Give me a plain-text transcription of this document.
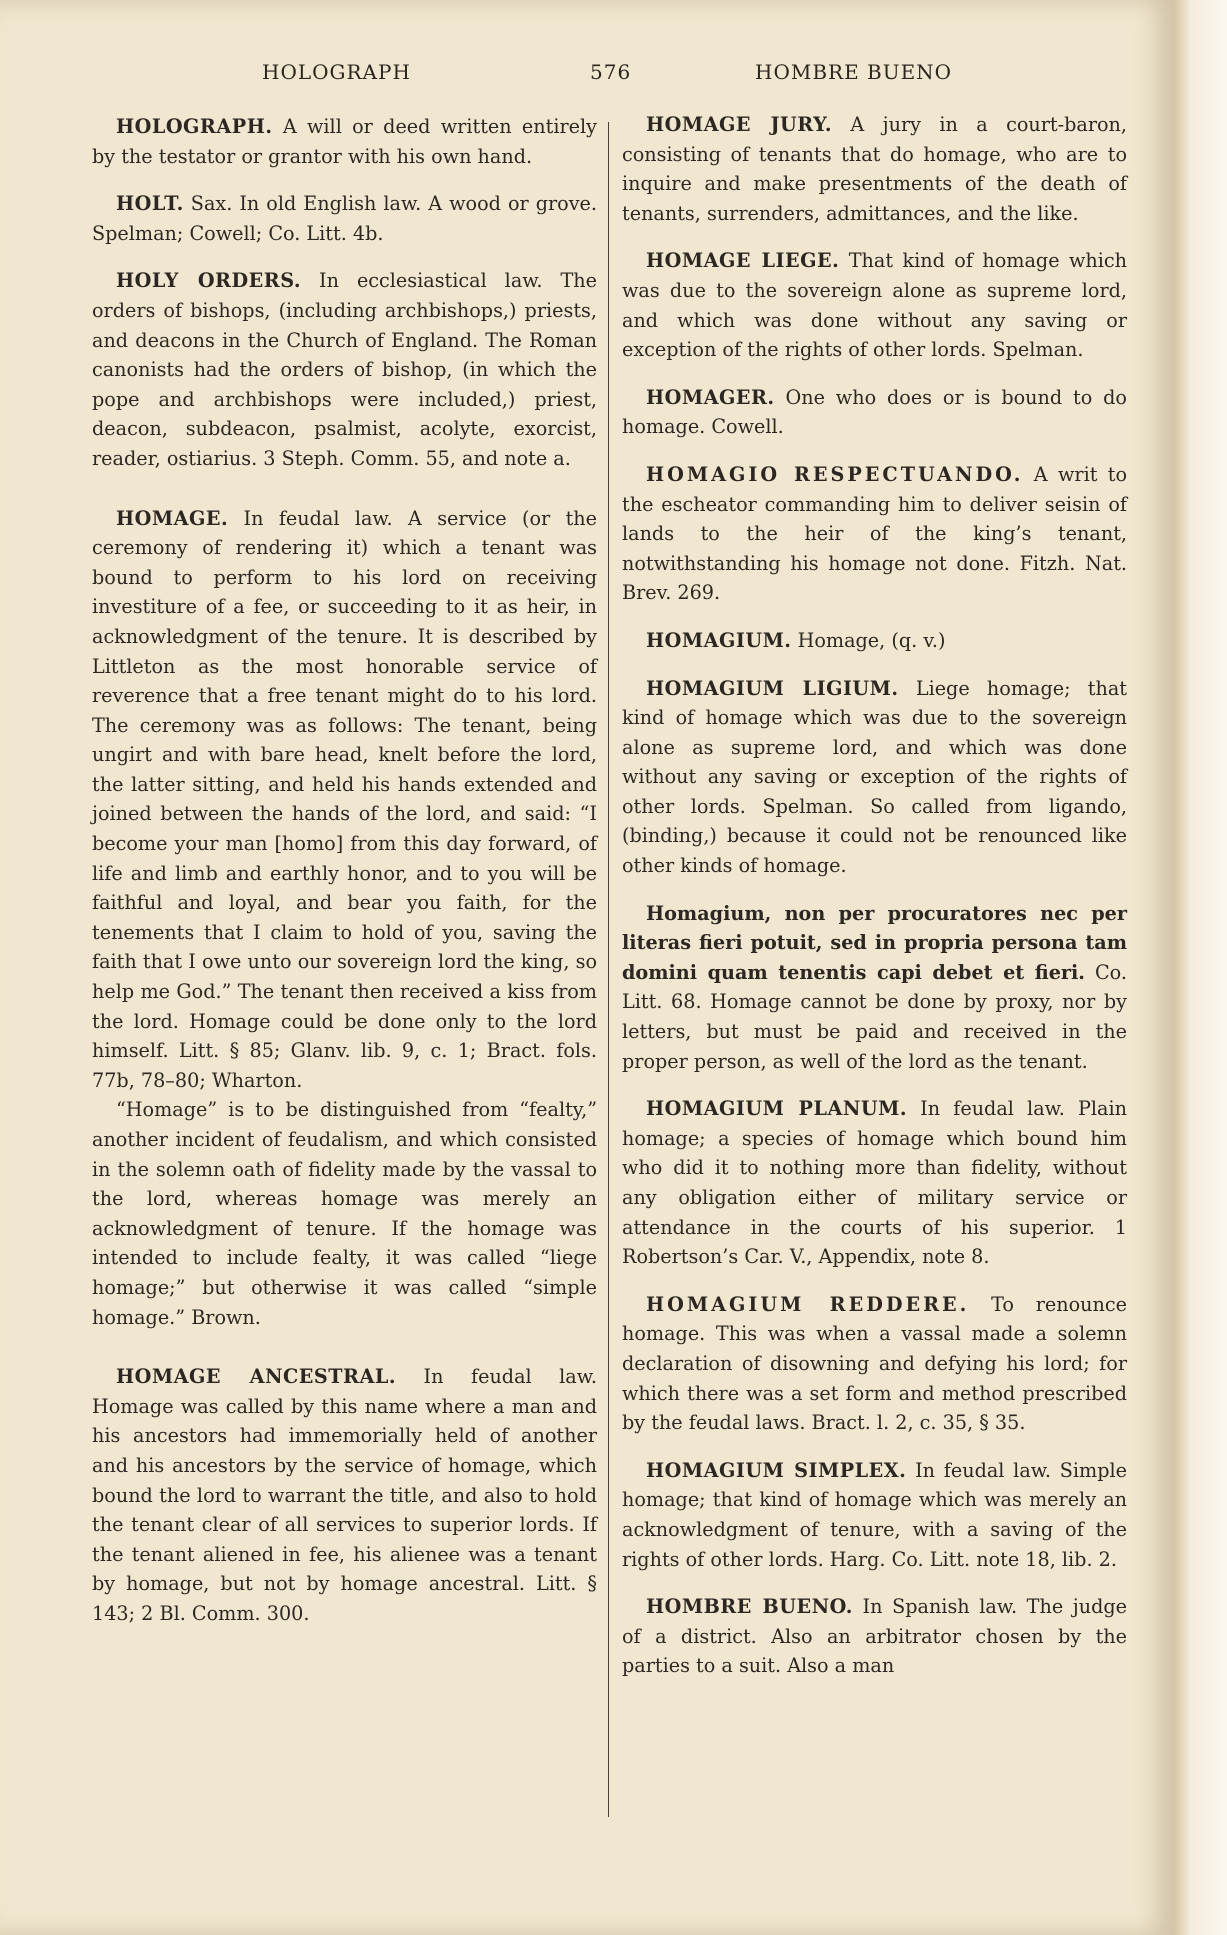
HOLOGRAPH	576	HOMBRE BUENO

HOLOGRAPH. A will or deed written entirely by the testator or grantor with his own hand.

HOLT. Sax. In old English law. A wood or grove. Spelman; Cowell; Co. Litt. 4b.

HOLY ORDERS. In ecclesiastical law. The orders of bishops, (including archbishops,) priests, and deacons in the Church of England. The Roman canonists had the orders of bishop, (in which the pope and archbishops were included,) priest, deacon, subdeacon, psalmist, acolyte, exorcist, reader, ostiarius. 3 Steph. Comm. 55, and note a.

HOMAGE. In feudal law. A service (or the ceremony of rendering it) which a tenant was bound to perform to his lord on receiving investiture of a fee, or succeeding to it as heir, in acknowledgment of the tenure. It is described by Littleton as the most honorable service of reverence that a free tenant might do to his lord. The ceremony was as follows: The tenant, being ungirt and with bare head, knelt before the lord, the latter sitting, and held his hands extended and joined between the hands of the lord, and said: “I become your man [homo] from this day forward, of life and limb and earthly honor, and to you will be faithful and loyal, and bear you faith, for the tenements that I claim to hold of you, saving the faith that I owe unto our sovereign lord the king, so help me God.” The tenant then received a kiss from the lord. Homage could be done only to the lord himself. Litt. § 85; Glanv. lib. 9, c. 1; Bract. fols. 77b, 78–80; Wharton.

“Homage” is to be distinguished from “fealty,” another incident of feudalism, and which consisted in the solemn oath of fidelity made by the vassal to the lord, whereas homage was merely an acknowledgment of tenure. If the homage was intended to include fealty, it was called “liege homage;” but otherwise it was called “simple homage.” Brown.

HOMAGE ANCESTRAL. In feudal law. Homage was called by this name where a man and his ancestors had immemorially held of another and his ancestors by the service of homage, which bound the lord to warrant the title, and also to hold the tenant clear of all services to superior lords. If the tenant aliened in fee, his alienee was a tenant by homage, but not by homage ancestral. Litt. § 143; 2 Bl. Comm. 300.

HOMAGE JURY. A jury in a court-baron, consisting of tenants that do homage, who are to inquire and make presentments of the death of tenants, surrenders, admittances, and the like.

HOMAGE LIEGE. That kind of homage which was due to the sovereign alone as supreme lord, and which was done without any saving or exception of the rights of other lords. Spelman.

HOMAGER. One who does or is bound to do homage. Cowell.

HOMAGIO RESPECTUANDO. A writ to the escheator commanding him to deliver seisin of lands to the heir of the king’s tenant, notwithstanding his homage not done. Fitzh. Nat. Brev. 269.

HOMAGIUM. Homage, (q. v.)

HOMAGIUM LIGIUM. Liege homage; that kind of homage which was due to the sovereign alone as supreme lord, and which was done without any saving or exception of the rights of other lords. Spelman. So called from ligando, (binding,) because it could not be renounced like other kinds of homage.

Homagium, non per procuratores nec per literas fieri potuit, sed in propria persona tam domini quam tenentis capi debet et fieri. Co. Litt. 68. Homage cannot be done by proxy, nor by letters, but must be paid and received in the proper person, as well of the lord as the tenant.

HOMAGIUM PLANUM. In feudal law. Plain homage; a species of homage which bound him who did it to nothing more than fidelity, without any obligation either of military service or attendance in the courts of his superior. 1 Robertson’s Car. V., Appendix, note 8.

HOMAGIUM REDDERE. To renounce homage. This was when a vassal made a solemn declaration of disowning and defying his lord; for which there was a set form and method prescribed by the feudal laws. Bract. l. 2, c. 35, § 35.

HOMAGIUM SIMPLEX. In feudal law. Simple homage; that kind of homage which was merely an acknowledgment of tenure, with a saving of the rights of other lords. Harg. Co. Litt. note 18, lib. 2.

HOMBRE BUENO. In Spanish law. The judge of a district. Also an arbitrator chosen by the parties to a suit. Also a man
